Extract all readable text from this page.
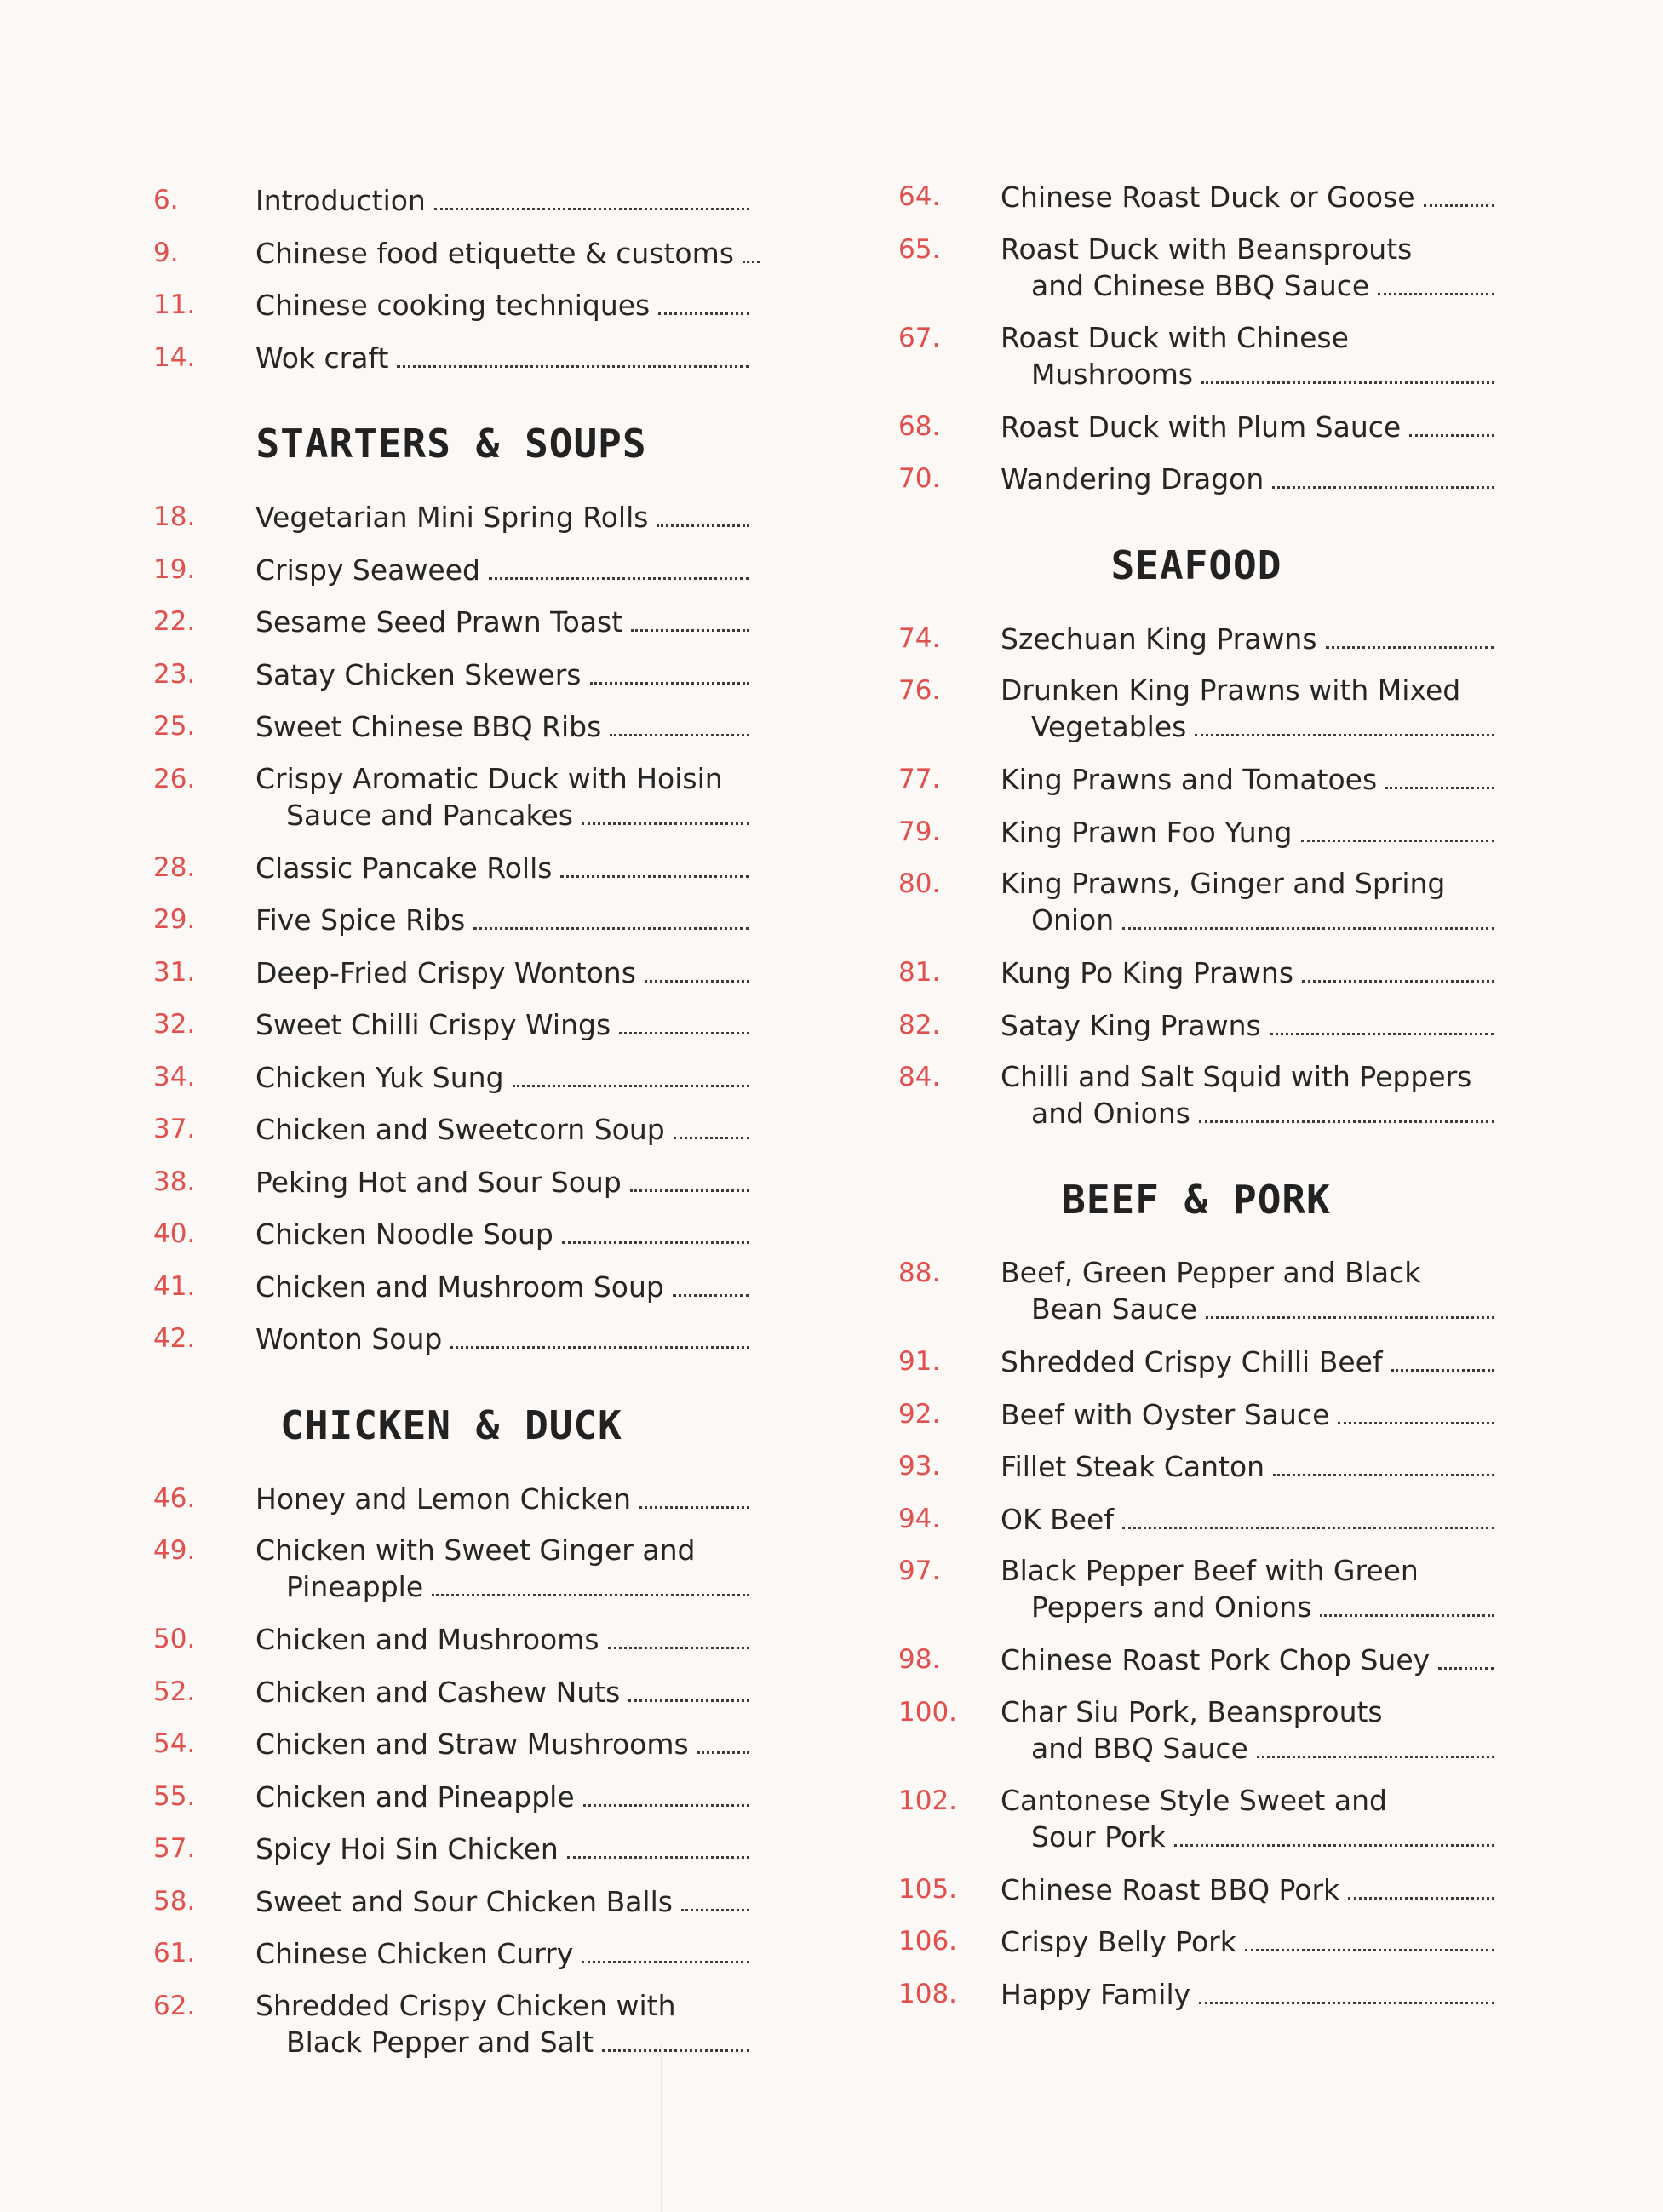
6.	Introduction
9.	Chinese food etiquette & customs
11. Chinese cooking techniques
14. Wok craft
STARTERS & SOUPS
18. Vegetarian Mini Spring Rolls
19. Crispy Seaweed
22. Sesame Seed Prawn Toast
23. Satay Chicken Skewers
25. Sweet Chinese BBQ Ribs
26. Crispy Aromatic Duck with Hoisin
Sauce and Pancakes
28. Classic Pancake Rolls
29. Five Spice Ribs
31. Deep-Fried Crispy Wontons
32. Sweet Chilli Crispy Wings
34. Chicken Yuk Sung
37. Chicken and Sweetcorn Soup
38. Peking Hot and Sour Soup
40. Chicken Noodle Soup
41. Chicken and Mushroom Soup
42. Wonton Soup
CHICKEN & DUCK
46. Honey and Lemon Chicken
49. Chicken with Sweet Ginger and
Pineapple
50. Chicken and Mushrooms
52. Chicken and Cashew Nuts
54. Chicken and Straw Mushrooms
55. Chicken and Pineapple
57. Spicy Hoi Sin Chicken
58. Sweet and Sour Chicken Balls
61. Chinese Chicken Curry
62. Shredded Crispy Chicken with
Black Pepper and Salt
64. Chinese Roast Duck or Goose
65. Roast Duck with Beansprouts
and Chinese BBQ Sauce
67. Roast Duck with Chinese
Mushrooms
68. Roast Duck with Plum Sauce
70. Wandering Dragon
SEAFOOD
74. Szechuan King Prawns
76. Drunken King Prawns with Mixed
Vegetables
77. King Prawns and Tomatoes
79. King Prawn Foo Yung
80. King Prawns, Ginger and Spring
Onion
81. Kung Po King Prawns
82. Satay King Prawns
84. Chilli and Salt Squid with Peppers
and Onions
BEEF & PORK
88. Beef, Green Pepper and Black
Bean Sauce
91. Shredded Crispy Chilli Beef
92. Beef with Oyster Sauce
93. Fillet Steak Canton
94. OK Beef
97. Black Pepper Beef with Green
Peppers and Onions
98. Chinese Roast Pork Chop Suey
100. Char Siu Pork, Beansprouts
and BBQ Sauce
102. Cantonese Style Sweet and
Sour Pork
105. Chinese Roast BBQ Pork
106. Crispy Belly Pork
108. Happy Family
